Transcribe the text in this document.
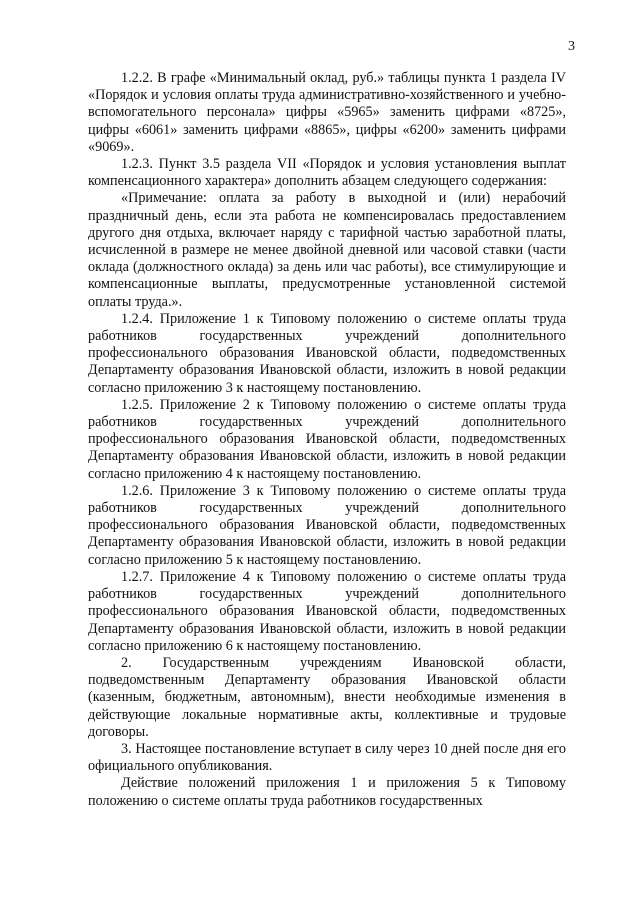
3

1.2.2. В графе «Минимальный оклад, руб.» таблицы пункта 1 раздела IV «Порядок и условия оплаты труда административно-хозяйственного и учебно-вспомогательного персонала» цифры «5965» заменить цифрами «8725», цифры «6061» заменить цифрами «8865», цифры «6200» заменить цифрами «9069».

1.2.3. Пункт 3.5 раздела VII «Порядок и условия установления выплат компенсационного характера» дополнить абзацем следующего содержания:

«Примечание: оплата за работу в выходной и (или) нерабочий праздничный день, если эта работа не компенсировалась предоставлением другого дня отдыха, включает наряду с тарифной частью заработной платы, исчисленной в размере не менее двойной дневной или часовой ставки (части оклада (должностного оклада) за день или час работы), все стимулирующие и компенсационные выплаты, предусмотренные установленной системой оплаты труда.».

1.2.4. Приложение 1 к Типовому положению о системе оплаты труда работников государственных учреждений дополнительного профессионального образования Ивановской области, подведомственных Департаменту образования Ивановской области, изложить в новой редакции согласно приложению 3 к настоящему постановлению.

1.2.5. Приложение 2 к Типовому положению о системе оплаты труда работников государственных учреждений дополнительного профессионального образования Ивановской области, подведомственных Департаменту образования Ивановской области, изложить в новой редакции согласно приложению 4 к настоящему постановлению.

1.2.6. Приложение 3 к Типовому положению о системе оплаты труда работников государственных учреждений дополнительного профессионального образования Ивановской области, подведомственных Департаменту образования Ивановской области, изложить в новой редакции согласно приложению 5 к настоящему постановлению.

1.2.7. Приложение 4 к Типовому положению о системе оплаты труда работников государственных учреждений дополнительного профессионального образования Ивановской области, подведомственных Департаменту образования Ивановской области, изложить в новой редакции согласно приложению 6 к настоящему постановлению.

2. Государственным учреждениям Ивановской области, подведомственным Департаменту образования Ивановской области (казенным, бюджетным, автономным), внести необходимые изменения в действующие локальные нормативные акты, коллективные и трудовые договоры.

3. Настоящее постановление вступает в силу через 10 дней после дня его официального опубликования.

Действие положений приложения 1 и приложения 5 к Типовому положению о системе оплаты труда работников государственных
